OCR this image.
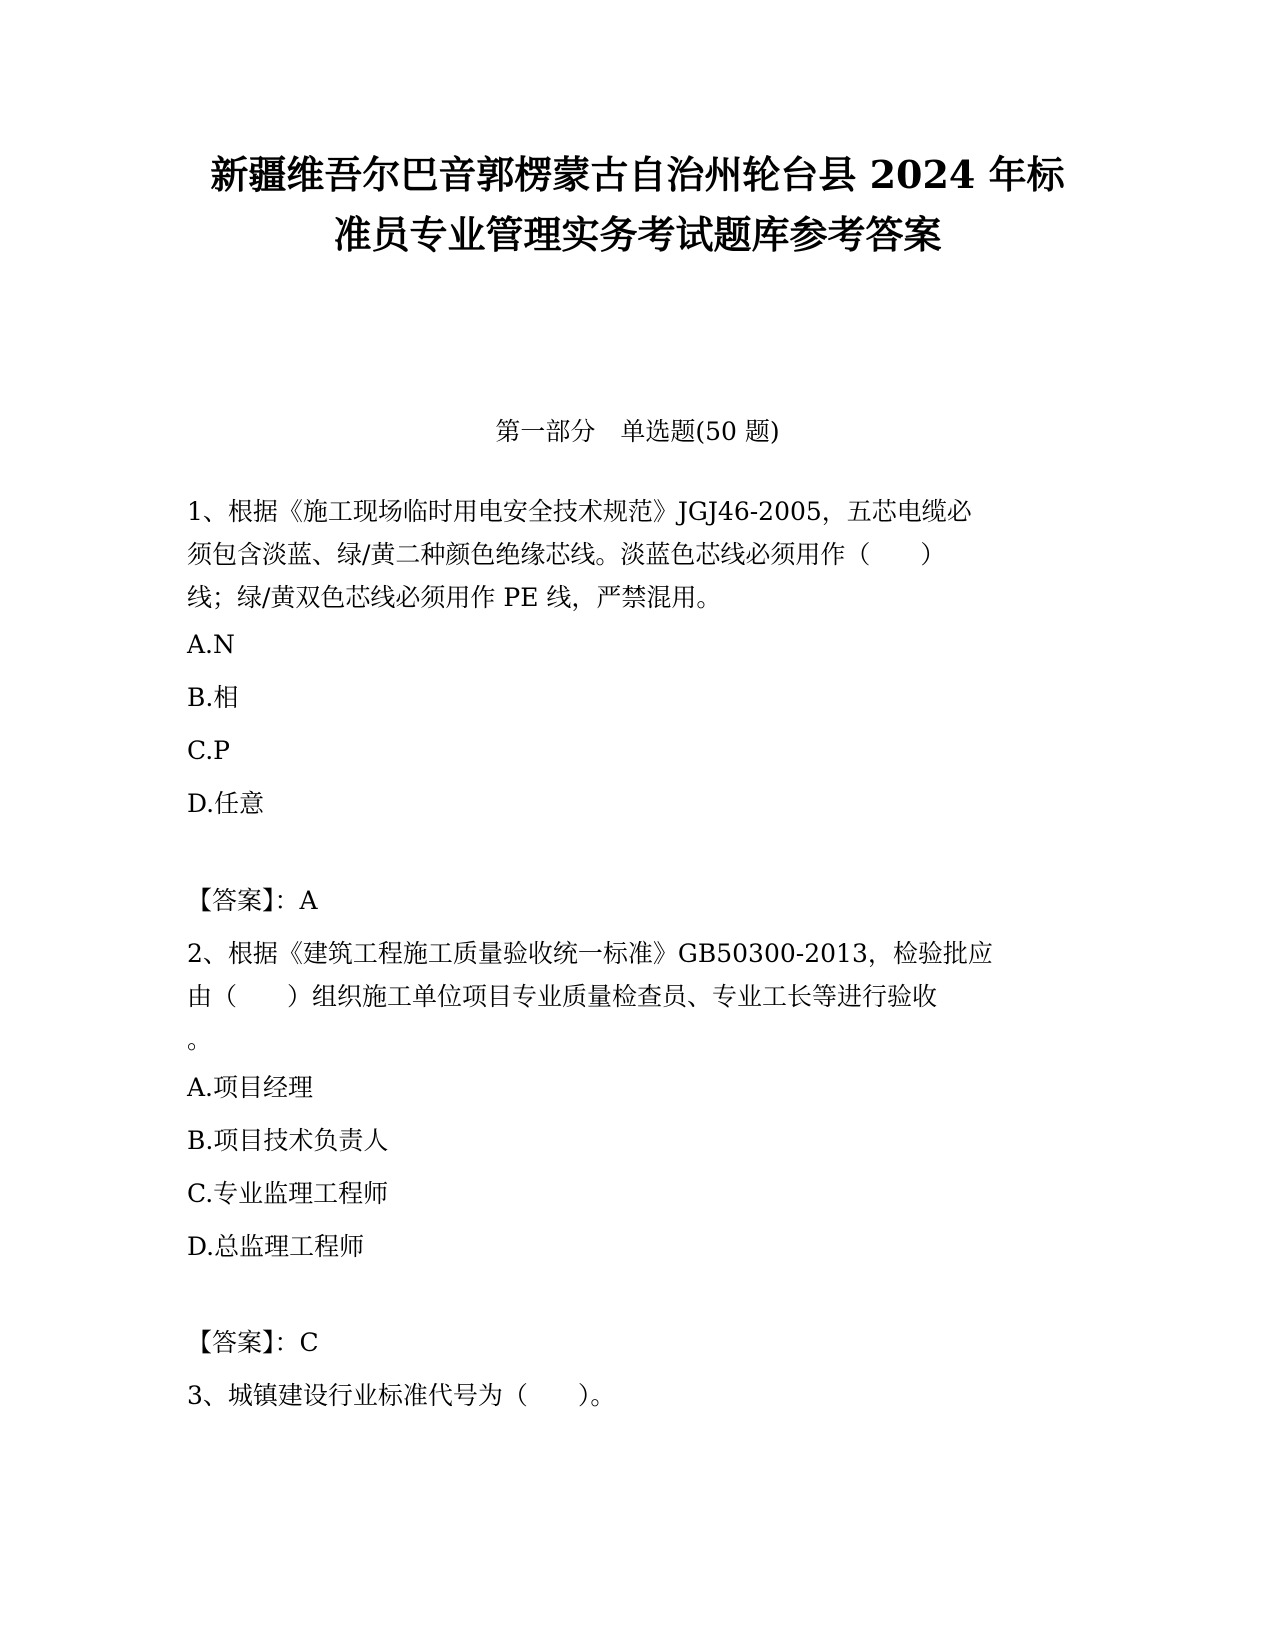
新疆维吾尔巴音郭楞蒙古自治州轮台县 2024 年标
准员专业管理实务考试题库参考答案
第一部分　单选题(50 题)
1、根据《施工现场临时用电安全技术规范》JGJ46-2005，五芯电缆必
须包含淡蓝、绿/黄二种颜色绝缘芯线。淡蓝色芯线必须用作（　　）
线；绿/黄双色芯线必须用作 PE 线，严禁混用。
A.N
B.相
C.P
D.任意
【答案】：A
2、根据《建筑工程施工质量验收统一标准》GB50300-2013，检验批应
由（　　）组织施工单位项目专业质量检查员、专业工长等进行验收
。
A.项目经理
B.项目技术负责人
C.专业监理工程师
D.总监理工程师
【答案】：C
3、城镇建设行业标准代号为（　　）。
